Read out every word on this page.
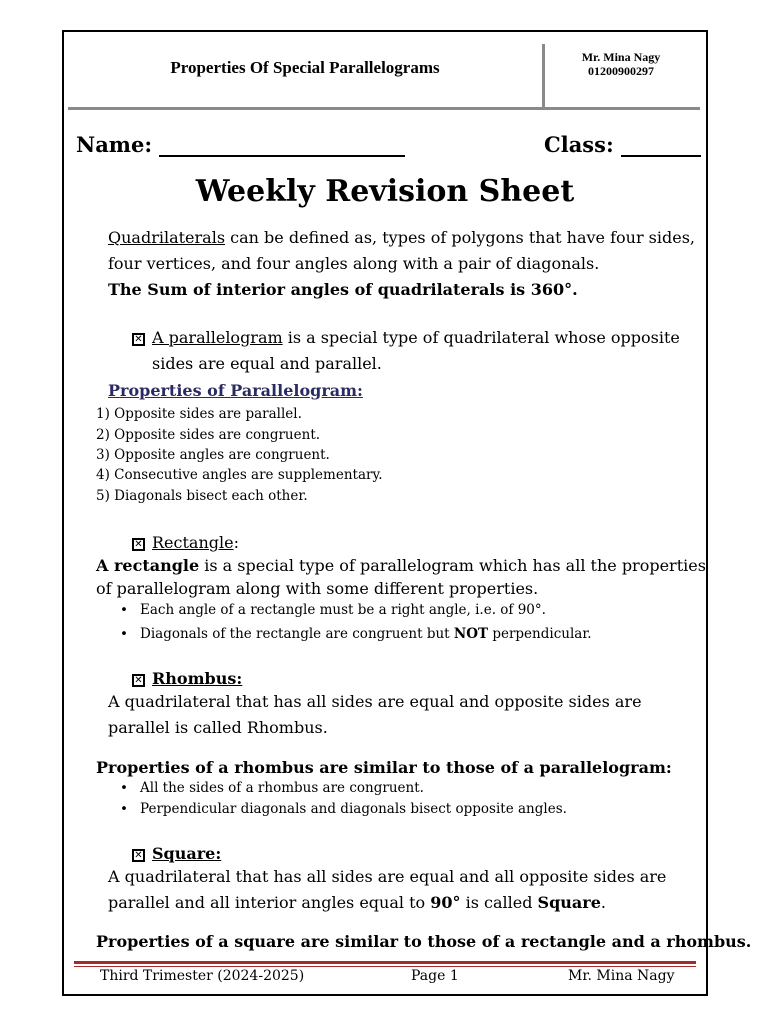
Properties Of Special Parallelograms
Mr. Mina Nagy
01200900297
Name:	Class:
Weekly Revision Sheet
Quadrilaterals can be defined as, types of polygons that have four sides,
four vertices, and four angles along with a pair of diagonals.
The Sum of interior angles of quadrilaterals is 360°.
✕ A parallelogram is a special type of quadrilateral whose opposite
sides are equal and parallel.
Properties of Parallelogram:
1) Opposite sides are parallel.
2) Opposite sides are congruent.
3) Opposite angles are congruent.
4) Consecutive angles are supplementary.
5) Diagonals bisect each other.
✕ Rectangle:
A rectangle is a special type of parallelogram which has all the properties
of parallelogram along with some different properties.
• Each angle of a rectangle must be a right angle, i.e. of 90°.
• Diagonals of the rectangle are congruent but NOT perpendicular.
✕ Rhombus:
A quadrilateral that has all sides are equal and opposite sides are
parallel is called Rhombus.
Properties of a rhombus are similar to those of a parallelogram:
• All the sides of a rhombus are congruent.
• Perpendicular diagonals and diagonals bisect opposite angles.
✕ Square:
A quadrilateral that has all sides are equal and all opposite sides are
parallel and all interior angles equal to 90° is called Square.
Properties of a square are similar to those of a rectangle and a rhombus.
Third Trimester (2024-2025)	Page 1	Mr. Mina Nagy
